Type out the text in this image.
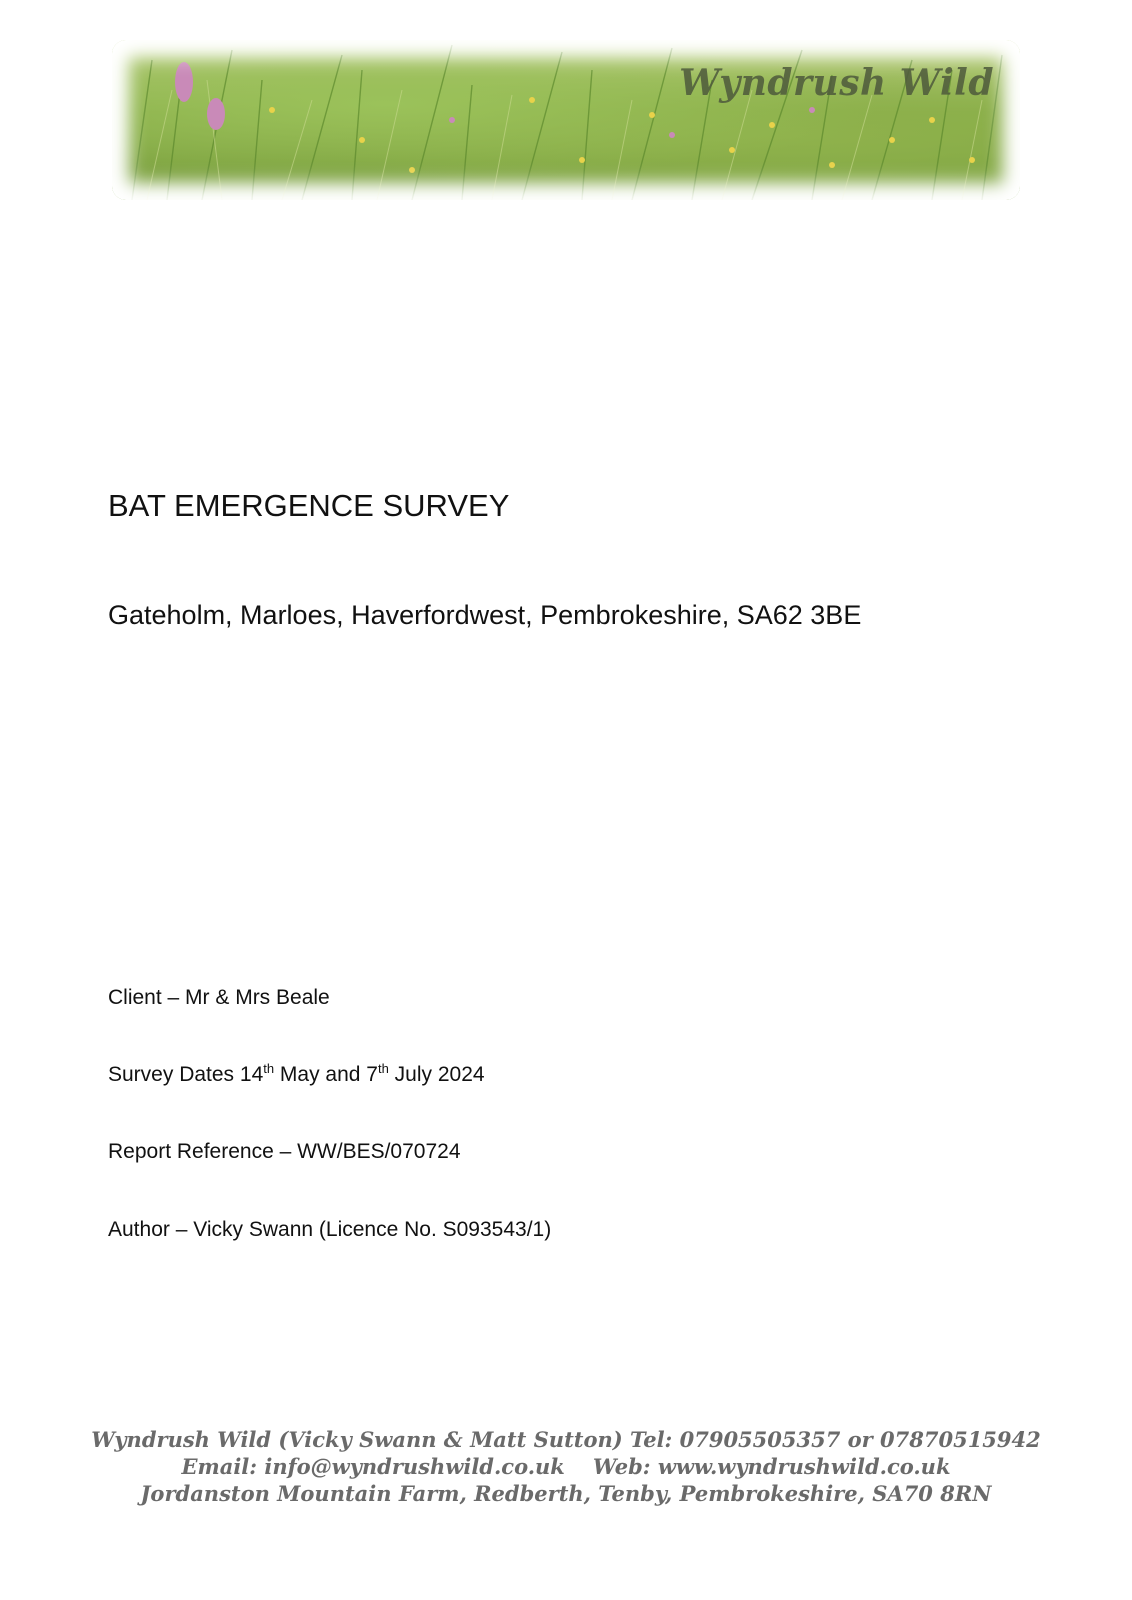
Wyndrush Wild
BAT EMERGENCE SURVEY

Gateholm, Marloes, Haverfordwest, Pembrokeshire, SA62 3BE

Client – Mr & Mrs Beale

Survey Dates 14th May and 7th July 2024

Report Reference – WW/BES/070724

Author – Vicky Swann (Licence No. S093543/1)

Wyndrush Wild (Vicky Swann & Matt Sutton) Tel: 07905505357 or 07870515942
Email: info@wyndrushwild.co.uk Web: www.wyndrushwild.co.uk
Jordanston Mountain Farm, Redberth, Tenby, Pembrokeshire, SA70 8RN
